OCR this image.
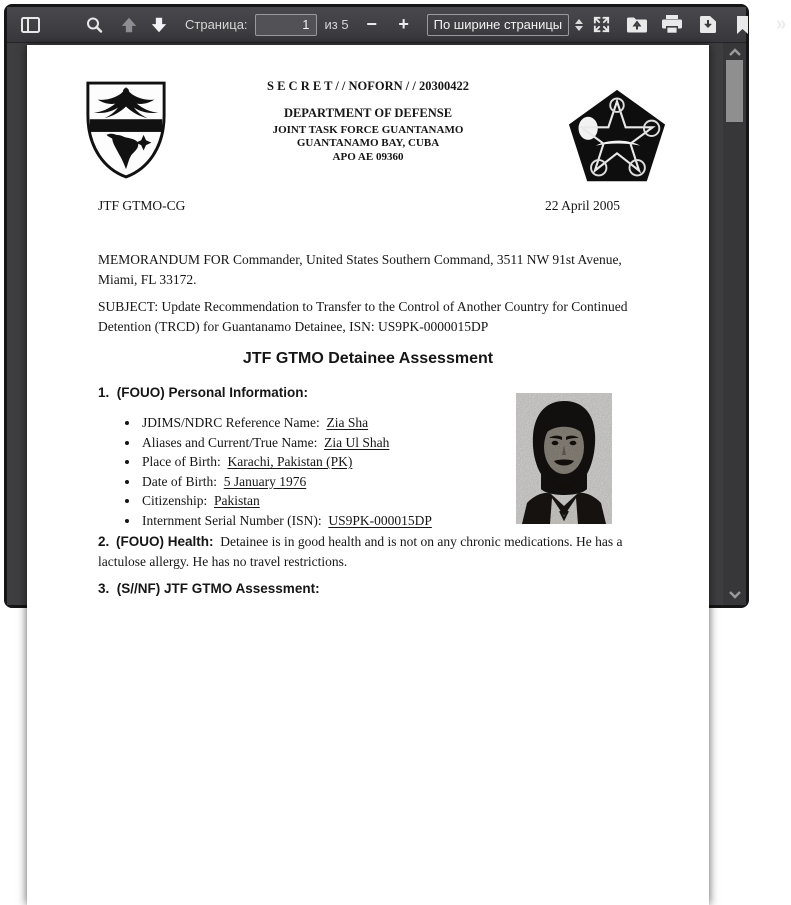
Страница:
1	из 5 −	+	По ширине страницы	»
S E C R E T / / NOFORN / / 20300422
DEPARTMENT OF DEFENSE
JOINT TASK FORCE GUANTANAMO
GUANTANAMO BAY, CUBA
APO AE 09360
JTF GTMO-CG	22 April 2005
MEMORANDUM FOR Commander, United States Southern Command, 3511 NW 91st Avenue, Miami, FL 33172.
SUBJECT: Update Recommendation to Transfer to the Control of Another Country for Continued Detention (TRCD) for Guantanamo Detainee, ISN: US9PK-0000015DP
JTF GTMO Detainee Assessment
1. (FOUO) Personal Information:
• JDIMS/NDRC Reference Name: Zia Sha
• Aliases and Current/True Name: Zia Ul Shah
• Place of Birth: Karachi, Pakistan (PK)
• Date of Birth: 5 January 1976
• Citizenship: Pakistan
• Internment Serial Number (ISN): US9PK-000015DP
2. (FOUO) Health: Detainee is in good health and is not on any chronic medications. He has a lactulose allergy. He has no travel restrictions.
3. (S//NF) JTF GTMO Assessment:
